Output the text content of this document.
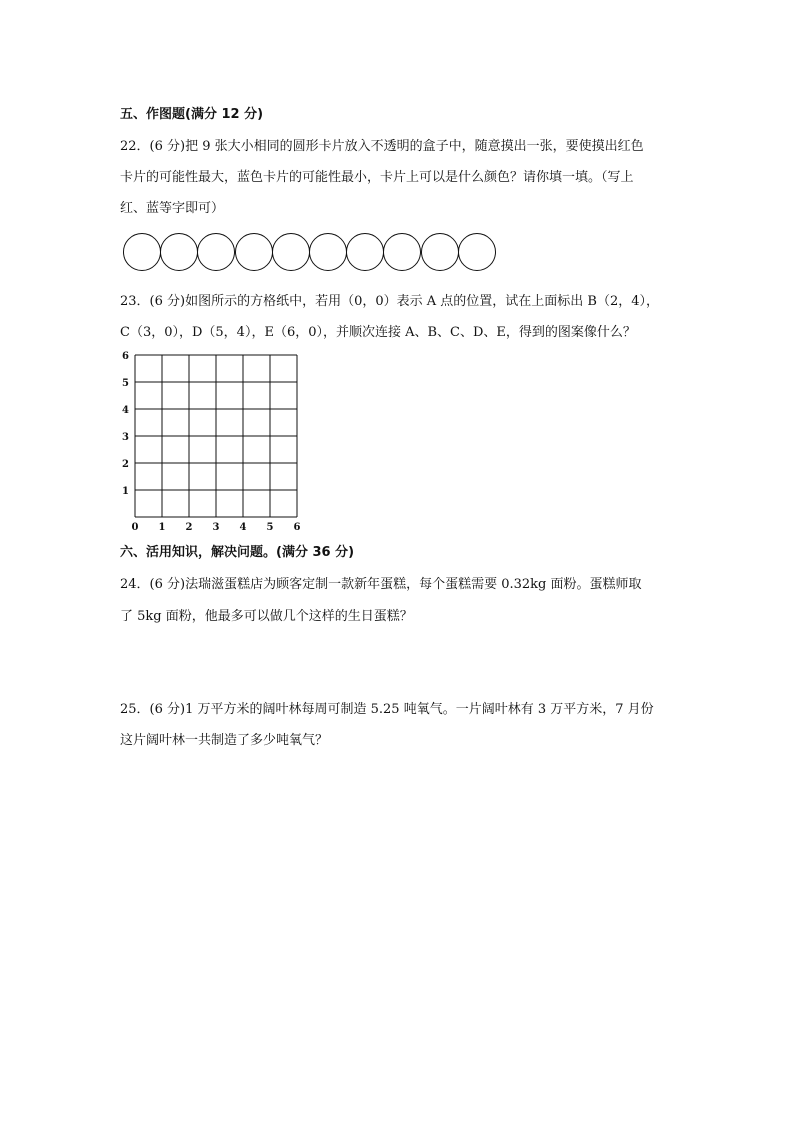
五、作图题(满分 12 分)
22．(6 分)把 9 张大小相同的圆形卡片放入不透明的盒子中，随意摸出一张，要使摸出红色
卡片的可能性最大，蓝色卡片的可能性最小，卡片上可以是什么颜色？请你填一填。（写上
红、蓝等字即可）
23．(6 分)如图所示的方格纸中，若用（0，0）表示 A 点的位置，试在上面标出 B（2，4），
C（3，0），D（5，4），E（6，0），并顺次连接 A、B、C、D、E，得到的图案像什么？
0 1 2 3 4 5 6
1
2
3
4
5
6
六、活用知识，解决问题。(满分 36 分)
24．(6 分)法瑞滋蛋糕店为顾客定制一款新年蛋糕，每个蛋糕需要 0.32kg 面粉。蛋糕师取
了 5kg 面粉，他最多可以做几个这样的生日蛋糕？
25．(6 分)1 万平方米的阔叶林每周可制造 5.25 吨氧气。一片阔叶林有 3 万平方米，7 月份
这片阔叶林一共制造了多少吨氧气？
